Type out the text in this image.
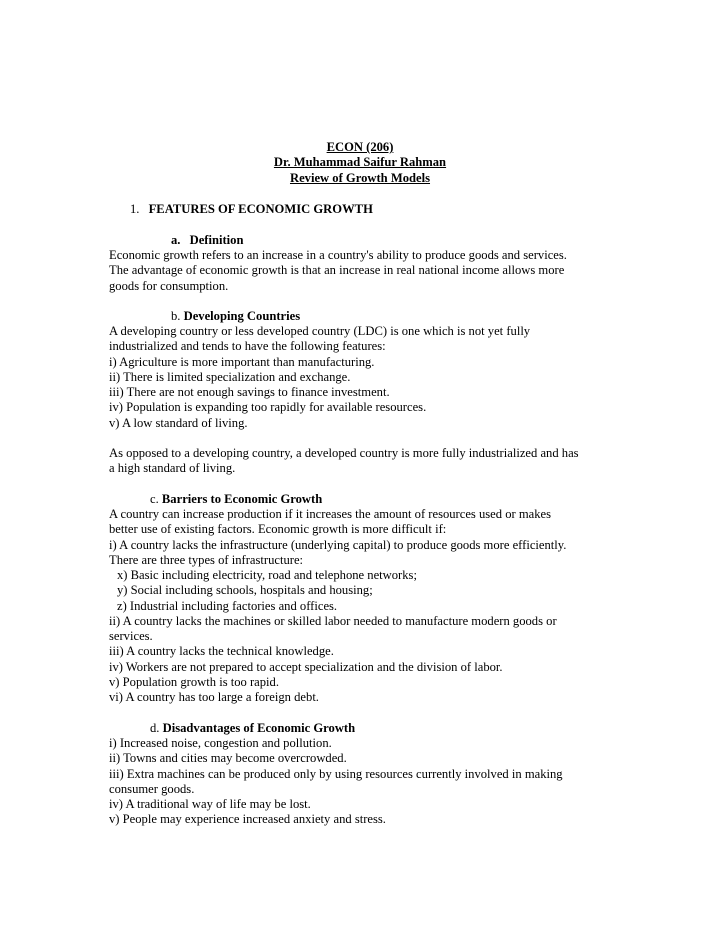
ECON (206)
Dr. Muhammad Saifur Rahman
Review of Growth Models
1. FEATURES OF ECONOMIC GROWTH
a. Definition
Economic growth refers to an increase in a country's ability to produce goods and services.
The advantage of economic growth is that an increase in real national income allows more
goods for consumption.
b. Developing Countries
A developing country or less developed country (LDC) is one which is not yet fully
industrialized and tends to have the following features:
i) Agriculture is more important than manufacturing.
ii) There is limited specialization and exchange.
iii) There are not enough savings to finance investment.
iv) Population is expanding too rapidly for available resources.
v) A low standard of living.
As opposed to a developing country, a developed country is more fully industrialized and has
a high standard of living.
c. Barriers to Economic Growth
A country can increase production if it increases the amount of resources used or makes
better use of existing factors. Economic growth is more difficult if:
i) A country lacks the infrastructure (underlying capital) to produce goods more efficiently.
There are three types of infrastructure:
x) Basic including electricity, road and telephone networks;
y) Social including schools, hospitals and housing;
z) Industrial including factories and offices.
ii) A country lacks the machines or skilled labor needed to manufacture modern goods or
services.
iii) A country lacks the technical knowledge.
iv) Workers are not prepared to accept specialization and the division of labor.
v) Population growth is too rapid.
vi) A country has too large a foreign debt.
d. Disadvantages of Economic Growth
i) Increased noise, congestion and pollution.
ii) Towns and cities may become overcrowded.
iii) Extra machines can be produced only by using resources currently involved in making
consumer goods.
iv) A traditional way of life may be lost.
v) People may experience increased anxiety and stress.
